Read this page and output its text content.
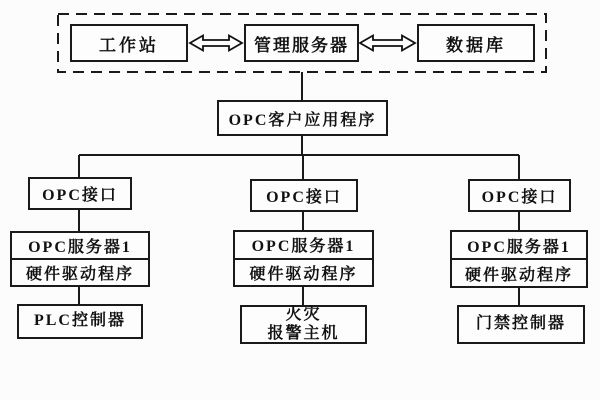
工作站	管理服务器	数据库
OPC客户应用程序
OPC接口
OPC服务器1
硬件驱动程序
PLC控制器
OPC接口
OPC服务器1
硬件驱动程序
火灾
报警主机
OPC接口
OPC服务器1
硬件驱动程序
门禁控制器
